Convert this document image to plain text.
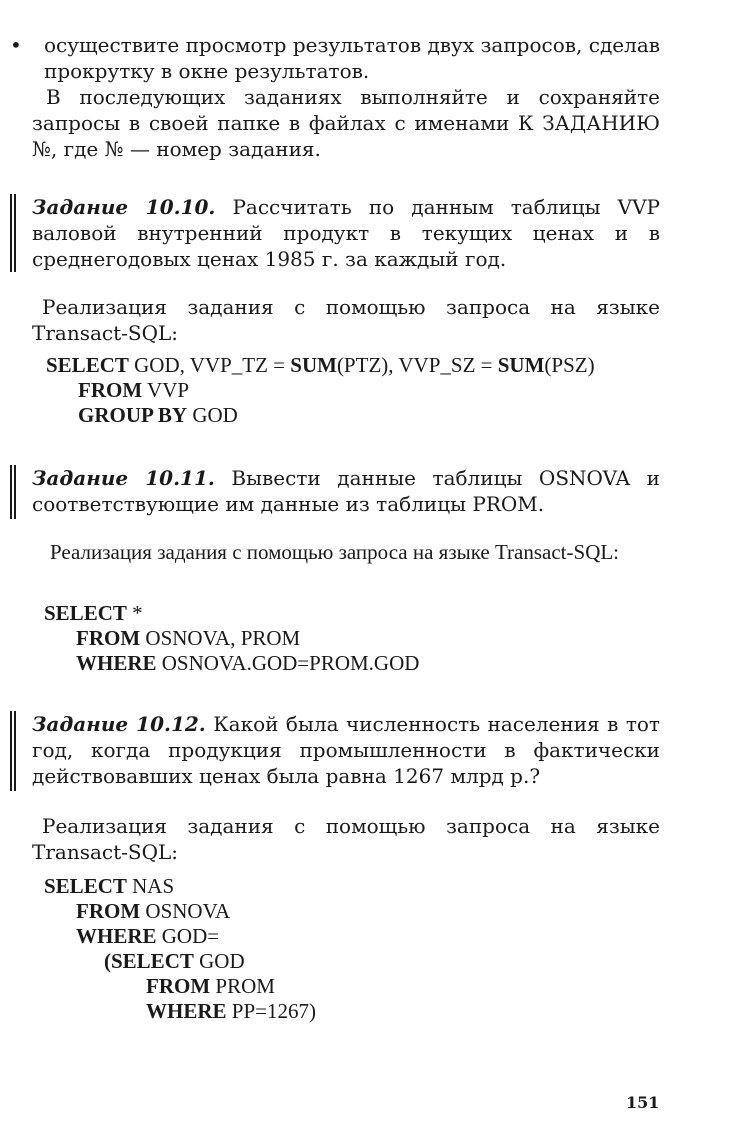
•	осуществите просмотр результатов двух запросов, сделав прокрутку в окне результатов.
В последующих заданиях выполняйте и сохраняйте запросы в своей папке в файлах с именами К ЗАДАНИЮ №, где № — номер задания.
Задание 10.10. Рассчитать по данным таблицы VVP валовой внутренний продукт в текущих ценах и в среднегодовых ценах 1985 г. за каждый год.
Реализация задания с помощью запроса на языке Transact-SQL:
SELECT GOD, VVP_TZ = SUM(PTZ), VVP_SZ = SUM(PSZ)
FROM VVP
GROUP BY GOD
Задание 10.11. Вывести данные таблицы OSNOVA и соответствующие им данные из таблицы PROM.
Реализация задания с помощью запроса на языке Transact-SQL:
SELECT *
FROM OSNOVA, PROM
WHERE OSNOVA.GOD=PROM.GOD
Задание 10.12. Какой была численность населения в тот год, когда продукция промышленности в фактически действовавших ценах была равна 1267 млрд р.?
Реализация задания с помощью запроса на языке Transact-SQL:
SELECT NAS
FROM OSNOVA
WHERE GOD=
(SELECT GOD
FROM PROM
WHERE PP=1267)
151
